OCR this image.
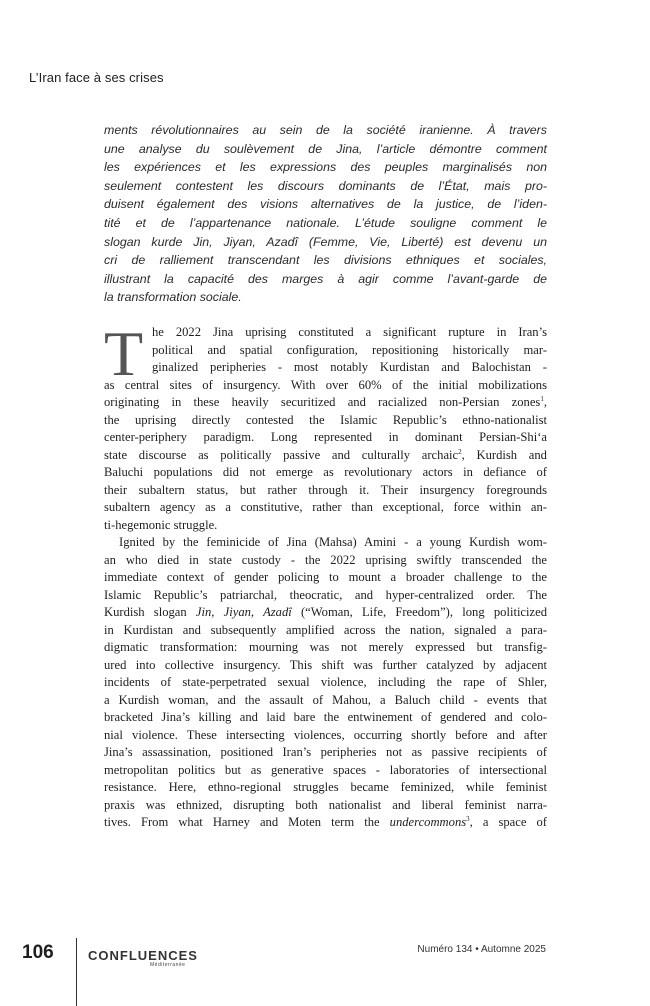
L’Iran face à ses crises
ments révolutionnaires au sein de la société iranienne. À travers
une analyse du soulèvement de Jina, l’article démontre comment
les expériences et les expressions des peuples marginalisés non
seulement contestent les discours dominants de l’État, mais pro-
duisent également des visions alternatives de la justice, de l’iden-
tité et de l’appartenance nationale. L’étude souligne comment le
slogan kurde Jin, Jiyan, Azadî (Femme, Vie, Liberté) est devenu un
cri de ralliement transcendant les divisions ethniques et sociales,
illustrant la capacité des marges à agir comme l’avant-garde de
la transformation sociale.
T he 2022 Jina uprising constituted a significant rupture in Iran’s
political and spatial configuration, repositioning historically mar-
ginalized peripheries - most notably Kurdistan and Balochistan -
as central sites of insurgency. With over 60% of the initial mobilizations
originating in these heavily securitized and racialized non-Persian zones$^1$,
the uprising directly contested the Islamic Republic’s ethno-nationalist
center-periphery paradigm. Long represented in dominant Persian-Shi‘a
state discourse as politically passive and culturally archaic$^2$, Kurdish and
Baluchi populations did not emerge as revolutionary actors in defiance of
their subaltern status, but rather through it. Their insurgency foregrounds
subaltern agency as a constitutive, rather than exceptional, force within an-
ti-hegemonic struggle.
Ignited by the feminicide of Jina (Mahsa) Amini - a young Kurdish wom-
an who died in state custody - the 2022 uprising swiftly transcended the
immediate context of gender policing to mount a broader challenge to the
Islamic Republic’s patriarchal, theocratic, and hyper-centralized order. The
Kurdish slogan Jin, Jiyan, Azadî (“Woman, Life, Freedom”), long politicized
in Kurdistan and subsequently amplified across the nation, signaled a para-
digmatic transformation: mourning was not merely expressed but transfig-
ured into collective insurgency. This shift was further catalyzed by adjacent
incidents of state-perpetrated sexual violence, including the rape of Shler,
a Kurdish woman, and the assault of Mahou, a Baluch child - events that
bracketed Jina’s killing and laid bare the entwinement of gendered and colo-
nial violence. These intersecting violences, occurring shortly before and after
Jina’s assassination, positioned Iran’s peripheries not as passive recipients of
metropolitan politics but as generative spaces - laboratories of intersectional
resistance. Here, ethno-regional struggles became feminized, while feminist
praxis was ethnized, disrupting both nationalist and liberal feminist narra-
tives. From what Harney and Moten term the undercommons$^3$, a space of
106	CONFLUENCES
Méditerranée
Numéro 134 • Automne 2025
